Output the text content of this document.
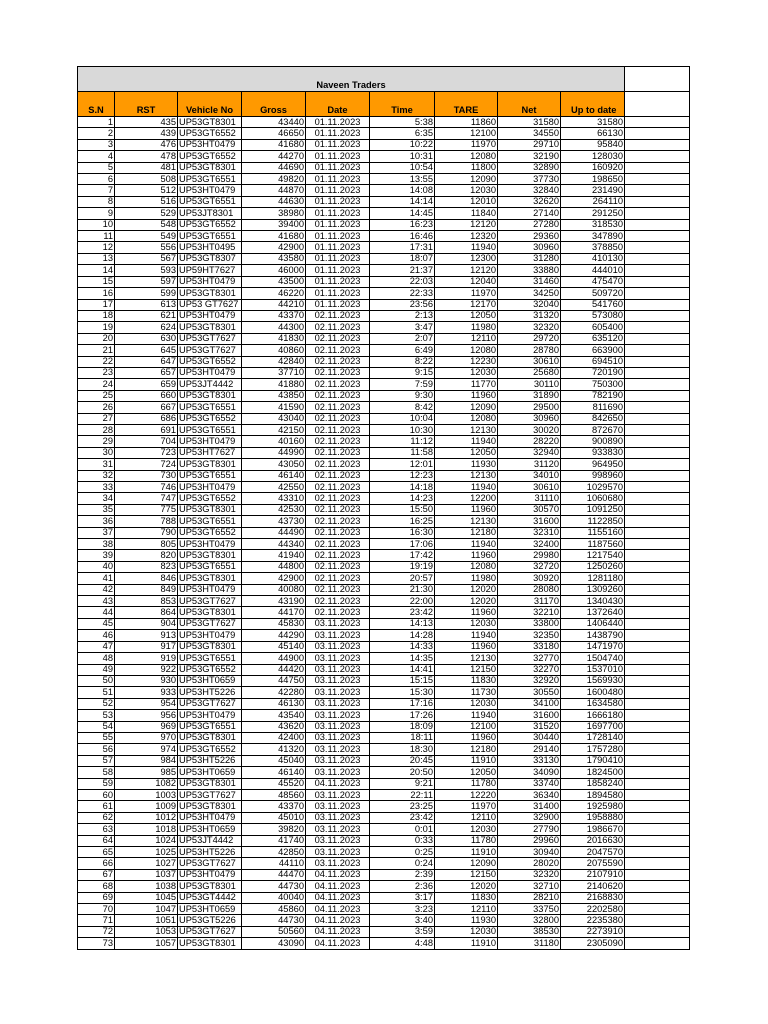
Naveen Traders									
S.N	RST	Vehicle No	Gross	Date	Time	TARE	Net	Up to date	
1	435	UP53GT8301	43440	01.11.2023	5:38	11860	31580	31580	
2	439	UP53GT6552	46650	01.11.2023	6:35	12100	34550	66130	
3	476	UP53HT0479	41680	01.11.2023	10:22	11970	29710	95840	
4	478	UP53GT6552	44270	01.11.2023	10:31	12080	32190	128030	
5	481	UP53GT8301	44690	01.11.2023	10:54	11800	32890	160920	
6	508	UP53GT6551	49820	01.11.2023	13:55	12090	37730	198650	
7	512	UP53HT0479	44870	01.11.2023	14:08	12030	32840	231490	
8	516	UP53GT6551	44630	01.11.2023	14:14	12010	32620	264110	
9	529	UP53JT8301	38980	01.11.2023	14:45	11840	27140	291250	
10	548	UP53GT6552	39400	01.11.2023	16:23	12120	27280	318530	
11	549	UP53GT6551	41680	01.11.2023	16:46	12320	29360	347890	
12	556	UP53HT0495	42900	01.11.2023	17:31	11940	30960	378850	
13	567	UP53GT8307	43580	01.11.2023	18:07	12300	31280	410130	
14	593	UP59HT7627	46000	01.11.2023	21:37	12120	33880	444010	
15	597	UP53HT0479	43500	01.11.2023	22:03	12040	31460	475470	
16	599	UP53GT8301	46220	01.11.2023	22:33	11970	34250	509720	
17	613	UP53 GT7627	44210	01.11.2023	23:56	12170	32040	541760	
18	621	UP53HT0479	43370	02.11.2023	2:13	12050	31320	573080	
19	624	UP53GT8301	44300	02.11.2023	3:47	11980	32320	605400	
20	630	UP53GT7627	41830	02.11.2023	2:07	12110	29720	635120	
21	645	UP53GT7627	40860	02.11.2023	6:49	12080	28780	663900	
22	647	UP53GT6552	42840	02.11.2023	8:22	12230	30610	694510	
23	657	UP53HT0479	37710	02.11.2023	9:15	12030	25680	720190	
24	659	UP53JT4442	41880	02.11.2023	7:59	11770	30110	750300	
25	660	UP53GT8301	43850	02.11.2023	9:30	11960	31890	782190	
26	667	UP53GT6551	41590	02.11.2023	8:42	12090	29500	811690	
27	686	UP53GT6552	43040	02.11.2023	10:04	12080	30960	842650	
28	691	UP53GT6551	42150	02.11.2023	10:30	12130	30020	872670	
29	704	UP53HT0479	40160	02.11.2023	11:12	11940	28220	900890	
30	723	UP53HT7627	44990	02.11.2023	11:58	12050	32940	933830	
31	724	UP53GT8301	43050	02.11.2023	12:01	11930	31120	964950	
32	730	UP53GT6551	46140	02.11.2023	12:23	12130	34010	998960	
33	746	UP53HT0479	42550	02.11.2023	14:18	11940	30610	1029570	
34	747	UP53GT6552	43310	02.11.2023	14:23	12200	31110	1060680	
35	775	UP53GT8301	42530	02.11.2023	15:50	11960	30570	1091250	
36	788	UP53GT6551	43730	02.11.2023	16:25	12130	31600	1122850	
37	790	UP53GT6552	44490	02.11.2023	16:30	12180	32310	1155160	
38	805	UP53HT0479	44340	02.11.2023	17:06	11940	32400	1187560	
39	820	UP53GT8301	41940	02.11.2023	17:42	11960	29980	1217540	
40	823	UP53GT6551	44800	02.11.2023	19:19	12080	32720	1250260	
41	846	UP53GT8301	42900	02.11.2023	20:57	11980	30920	1281180	
42	849	UP53HT0479	40080	02.11.2023	21:30	12020	28080	1309260	
43	853	UP53GT7627	43190	02.11.2023	22:00	12020	31170	1340430	
44	864	UP53GT8301	44170	02.11.2023	23:42	11960	32210	1372640	
45	904	UP53GT7627	45830	03.11.2023	14:13	12030	33800	1406440	
46	913	UP53HT0479	44290	03.11.2023	14:28	11940	32350	1438790	
47	917	UP53GT8301	45140	03.11.2023	14:33	11960	33180	1471970	
48	919	UP53GT6551	44900	03.11.2023	14:35	12130	32770	1504740	
49	922	UP53GT6552	44420	03.11.2023	14:41	12150	32270	1537010	
50	930	UP53HT0659	44750	03.11.2023	15:15	11830	32920	1569930	
51	933	UP53HT5226	42280	03.11.2023	15:30	11730	30550	1600480	
52	954	UP53GT7627	46130	03.11.2023	17:16	12030	34100	1634580	
53	956	UP53HT0479	43540	03.11.2023	17:26	11940	31600	1666180	
54	969	UP53GT6551	43620	03.11.2023	18:09	12100	31520	1697700	
55	970	UP53GT8301	42400	03.11.2023	18:11	11960	30440	1728140	
56	974	UP53GT6552	41320	03.11.2023	18:30	12180	29140	1757280	
57	984	UP53HT5226	45040	03.11.2023	20:45	11910	33130	1790410	
58	985	UP53HT0659	46140	03.11.2023	20:50	12050	34090	1824500	
59	1082	UP53GT8301	45520	04.11.2023	9:21	11780	33740	1858240	
60	1003	UP53GT7627	48560	03.11.2023	22:11	12220	36340	1894580	
61	1009	UP53GT8301	43370	03.11.2023	23:25	11970	31400	1925980	
62	1012	UP53HT0479	45010	03.11.2023	23:42	12110	32900	1958880	
63	1018	UP53HT0659	39820	03.11.2023	0:01	12030	27790	1986670	
64	1024	UP53JT4442	41740	03.11.2023	0:33	11780	29960	2016630	
65	1025	UP53HT5226	42850	03.11.2023	0:25	11910	30940	2047570	
66	1027	UP53GT7627	44110	03.11.2023	0:24	12090	28020	2075590	
67	1037	UP53HT0479	44470	04.11.2023	2:39	12150	32320	2107910	
68	1038	UP53GT8301	44730	04.11.2023	2:36	12020	32710	2140620	
69	1045	UP53GT4442	40040	04.11.2023	3:17	11830	28210	2168830	
70	1047	UP53HT0659	45860	04.11.2023	3:23	12110	33750	2202580	
71	1051	UP53GT5226	44730	04.11.2023	3:40	11930	32800	2235380	
72	1053	UP53GT7627	50560	04.11.2023	3:59	12030	38530	2273910	
73	1057	UP53GT8301	43090	04.11.2023	4:48	11910	31180	2305090	
